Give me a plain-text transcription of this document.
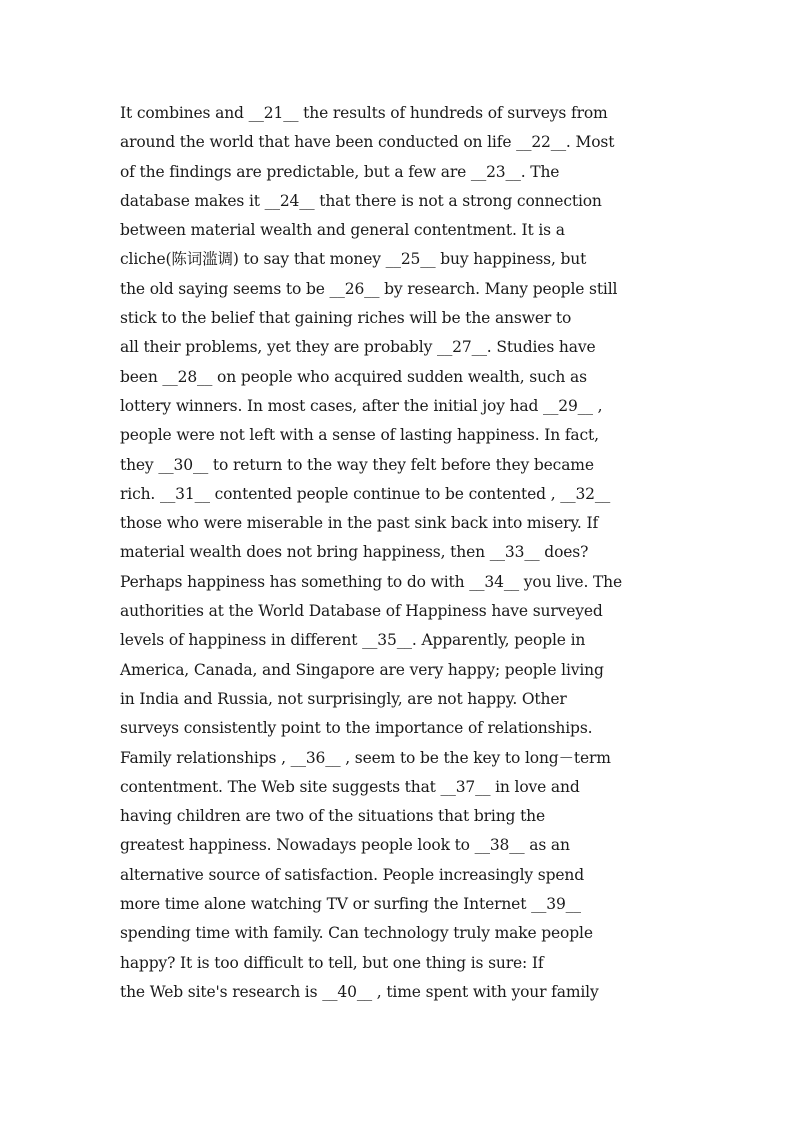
It combines and __21__ the results of hundreds of surveys from
around the world that have been conducted on life __22__. Most
of the findings are predictable, but a few are __23__. The
database makes it __24__ that there is not a strong connection
between material wealth and general contentment. It is a
cliche(陈词滥调) to say that money __25__ buy happiness, but
the old saying seems to be __26__ by research. Many people still
stick to the belief that gaining riches will be the answer to
all their problems, yet they are probably __27__. Studies have
been __28__ on people who acquired sudden wealth, such as
lottery winners. In most cases, after the initial joy had __29__ ,
people were not left with a sense of lasting happiness. In fact,
they __30__ to return to the way they felt before they became
rich. __31__ contented people continue to be contented , __32__
those who were miserable in the past sink back into misery. If
material wealth does not bring happiness, then __33__ does?
Perhaps happiness has something to do with __34__ you live. The
authorities at the World Database of Happiness have surveyed
levels of happiness in different __35__. Apparently, people in
America, Canada, and Singapore are very happy; people living
in India and Russia, not surprisingly, are not happy. Other
surveys consistently point to the importance of relationships.
Family relationships , __36__ , seem to be the key to long－term
contentment. The Web site suggests that __37__ in love and
having children are two of the situations that bring the
greatest happiness. Nowadays people look to __38__ as an
alternative source of satisfaction. People increasingly spend
more time alone watching TV or surfing the Internet __39__
spending time with family. Can technology truly make people
happy? It is too difficult to tell, but one thing is sure: If
the Web site's research is __40__ , time spent with your family
